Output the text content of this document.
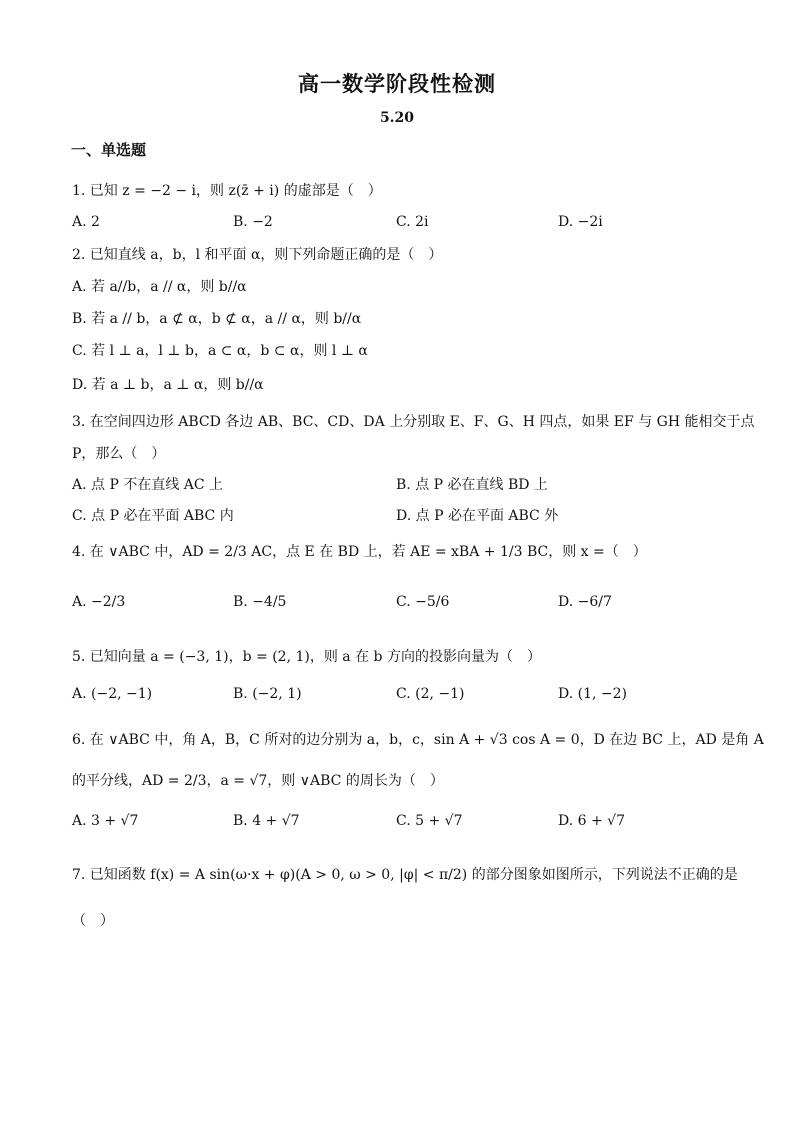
高一数学阶段性检测
5.20
一、单选题
1. 已知 z = −2 − i，则 z(z̄ + i) 的虚部是（　）
A. 2	B. −2	C. 2i	D. −2i
2. 已知直线 a，b，l 和平面 α，则下列命题正确的是（　）
A. 若 a//b，a // α，则 b//α
B. 若 a // b，a ⊄ α，b ⊄ α，a // α，则 b//α
C. 若 l ⊥ a，l ⊥ b，a ⊂ α，b ⊂ α，则 l ⊥ α
D. 若 a ⊥ b，a ⊥ α，则 b//α
3. 在空间四边形 ABCD 各边 AB、BC、CD、DA 上分别取 E、F、G、H 四点，如果 EF 与 GH 能相交于点
P，那么（　）
A. 点 P 不在直线 AC 上	B. 点 P 必在直线 BD 上
C. 点 P 必在平面 ABC 内	D. 点 P 必在平面 ABC 外
4. 在 ∨ABC 中，AD = 2/3 AC，点 E 在 BD 上，若 AE = xBA + 1/3 BC，则 x =（　）
A. −2/3	B. −4/5	C. −5/6	D. −6/7
5. 已知向量 a = (−3, 1)，b = (2, 1)，则 a 在 b 方向的投影向量为（　）
A. (−2, −1)	B. (−2, 1)	C. (2, −1)	D. (1, −2)
6. 在 ∨ABC 中，角 A，B，C 所对的边分别为 a，b，c，sin A + √3 cos A = 0，D 在边 BC 上，AD 是角 A
的平分线，AD = 2/3，a = √7，则 ∨ABC 的周长为（　）
A. 3 + √7	B. 4 + √7	C. 5 + √7	D. 6 + √7
7. 已知函数 f(x) = A sin(ω·x + φ)(A > 0, ω > 0, |φ| < π/2) 的部分图象如图所示，下列说法不正确的是
（　）
